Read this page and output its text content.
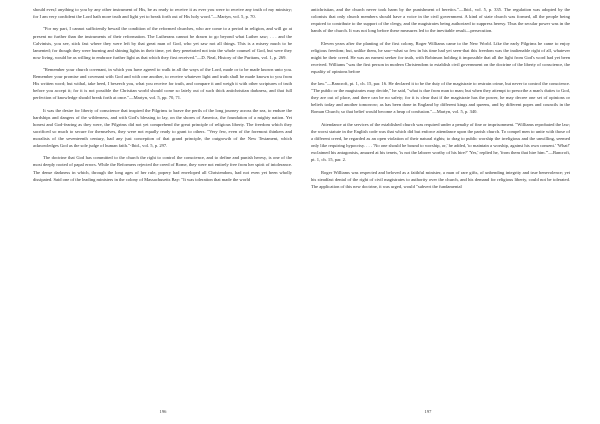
should ever,l anything to you by any other instrument of His, be as ready to receive it as ever you were to receive any truth of my ministry; for I am very confident the Lord hath more truth and light yet to break forth out of His holy word."—Martyn, vol. 5, p. 70.

"For my part, I cannot sufficiently bewail the condition of the reformed churches, who are come to a period in religion, and will go at present no further than the instruments of their reformation. The Lutherans cannot be drawn to go beyond what Luther saw; . . . and the Calvinists, you see, stick fast where they were left by that great man of God, who yet saw not all things. This is a misery much to be lamented; for though they were burning and shining lights in their time, yet they penetrated not into the whole counsel of God, but were they now living, would be as willing to embrace further light as that which they first received."—D. Neal, History of the Puritans, vol. 1, p. 269.

"Remember your church covenant, in which you have agreed to walk in all the ways of the Lord, made or to be made known unto you. Remember your promise and covenant with God and with one another, to receive whatever light and truth shall be made known to you from His written word; but withal, take heed, I beseech you, what you receive for truth, and compare it and weigh it with other scriptures of truth before you accept it; for it is not possible the Christian world should come so lately out of such thick antichristian darkness, and that full perfection of knowledge should break forth at once."—Martyn, vol. 5, pp. 70, 71.

It was the desire for liberty of conscience that inspired the Pilgrims to brave the perils of the long journey across the sea, to endure the hardships and dangers of the wilderness, and with God's blessing to lay, on the shores of America, the foundation of a mighty nation. Yet honest and God-fearing as they were, the Pilgrims did not yet comprehend the great principle of religious liberty. The freedom which they sacrificed so much to secure for themselves, they were not equally ready to grant to others. "Very few, even of the foremost thinkers and moralists of the seventeenth century, had any just conception of that grand principle, the outgrowth of the New Testament, which acknowledges God as the sole judge of human faith."-Ibid., vol. 5, p. 297.

The doctrine that God has committed to the church the right to control the conscience, and to define and punish heresy, is one of the most deeply rooted of papal errors. While the Reformers rejected the creed of Rome, they were not entirely free from her spirit of intolerance. The dense darkness in which, through the long ages of her rule, popery had enveloped all Christendom, had not even yet been wholly dissipated. Said one of the leading ministers in the colony of Massachusetts Bay: "It was toleration that made the world

196

antichristian, and the church never took harm by the punishment of heretics."—Ibid., vol. 5, p. 335. The regulation was adopted by the colonists that only church members should have a voice in the civil government. A kind of state church was formed, all the people being required to contribute to the support of the clergy, and the magistrates being authorized to suppress heresy. Thus the secular power was in the hands of the church. It was not long before these measures led to the inevitable result—persecution.

Eleven years after the planting of the first colony, Roger Williams came to the New World. Like the early Pilgrims he came to enjoy religious freedom; but, unlike them, he saw--what so few in his time had yet seen-that this freedom was the inalienable right of all, whatever might be their creed. He was an earnest seeker for truth, with Robinson holding it impossible that all the light from God's word had yet been received. Williams "was the first person in modern Christendom to establish civil government on the doctrine of the liberty of conscience, the equality of opinions before

the law."—Bancroft, pt. 1, ch. 15, par. 16. He declared it to be the duty of the magistrate to restrain crime, but never to control the conscience. "The public or the magistrates may decide," he said, "what is due from man to man; but when they attempt to prescribe a man's duties to God, they are out of place, and there can be no safety; for it is clear that if the magistrate has the power, he may decree one set of opinions or beliefs today and another tomorrow; as has been done in England by different kings and queens, and by different popes and councils in the Roman Church; so that belief would become a heap of confusion."—Martyn, vol. 5, p. 340.

Attendance at the services of the established church was required under a penalty of fine or imprisonment. "Williams reprobated the law; the worst statute in the English code was that which did but enforce attendance upon the parish church. To compel men to unite with those of a different creed, he regarded as an open violation of their natural rights; to drag to public worship the irreligious and the unwilling, seemed only like requiring hypocrisy. . . . 'No one should be bound to worship, or,' he added, 'to maintain a worship, against his own consent.' 'What!' exclaimed his antagonists, amazed at his tenets, 'is not the laborer worthy of his hire?' 'Yes,' replied he, 'from them that hire him.'"—Bancroft, pt. 1, ch. 15, par. 2.

Roger Williams was respected and beloved as a faithful minister, a man of rare gifts, of unbending integrity and true benevolence; yet his steadfast denial of the right of civil magistrates to authority over the church, and his demand for religious liberty, could not be tolerated. The application of this new doctrine, it was urged, would "subvert the fundamental

197
